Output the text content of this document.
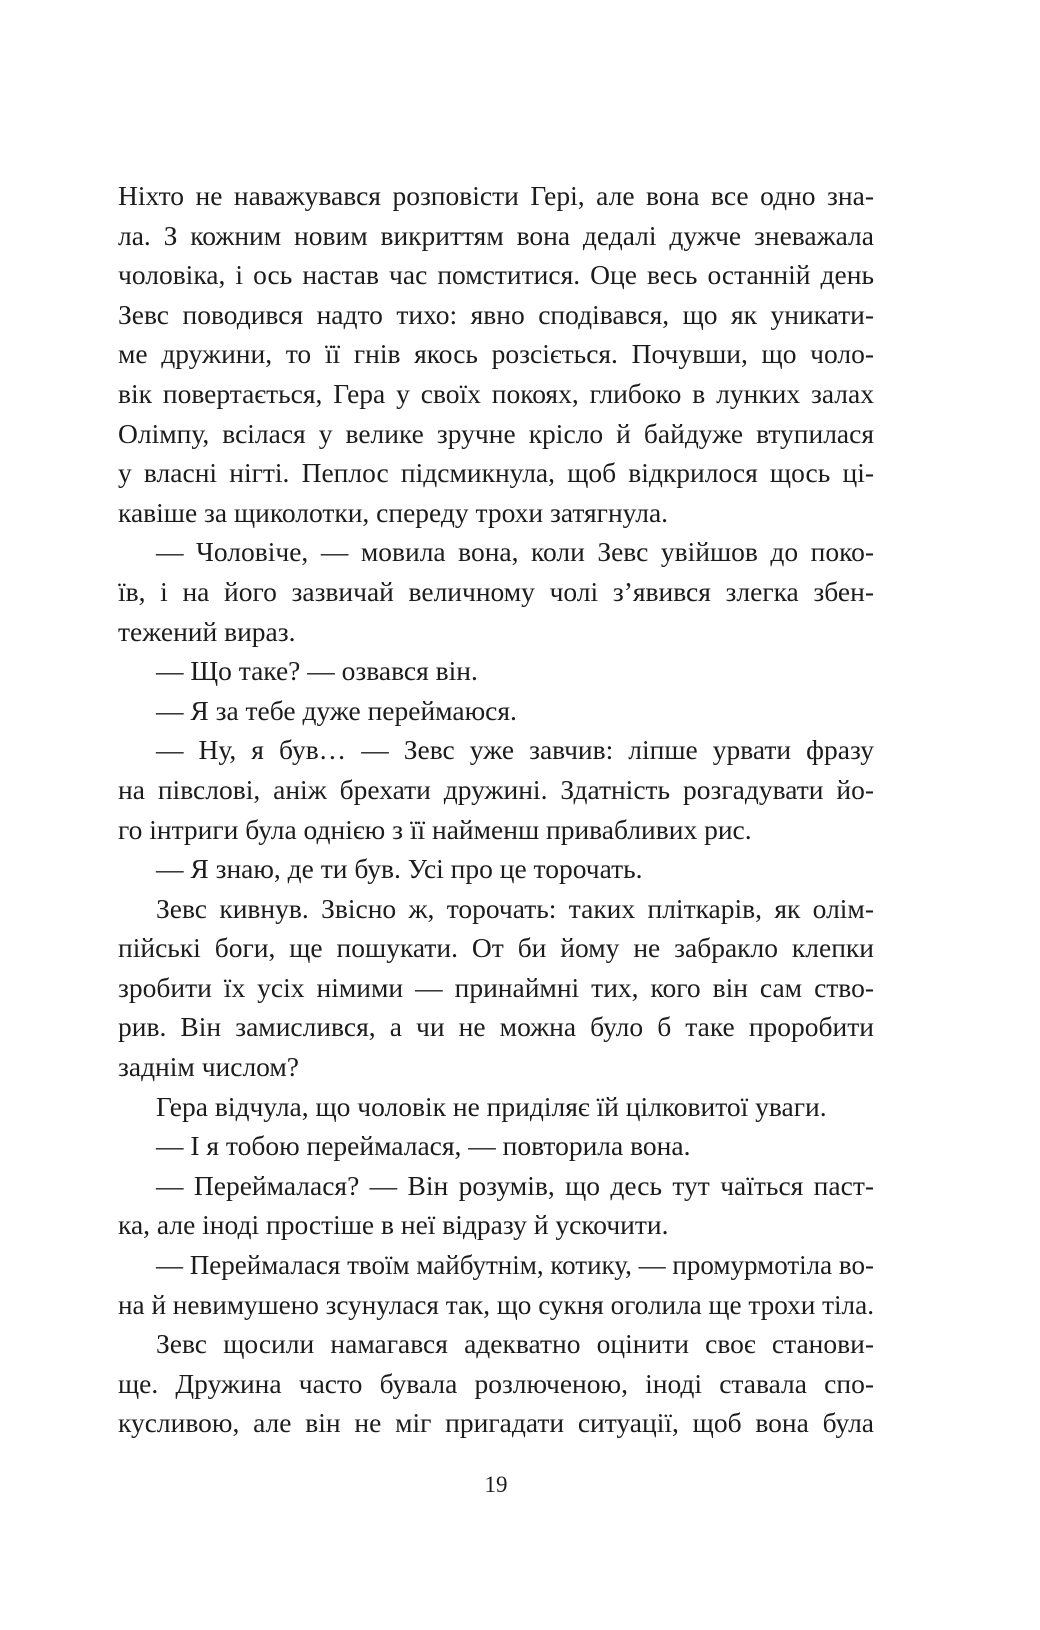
Ніхто не наважувався розповісти Гері, але вона все одно зна-
ла. З кожним новим викриттям вона дедалі дужче зневажала
чоловіка, і ось настав час помститися. Оце весь останній день
Зевс поводився надто тихо: явно сподівався, що як уникати-
ме дружини, то її гнів якось розсіється. Почувши, що чоло-
вік повертається, Гера у своїх покоях, глибоко в лунких залах
Олімпу, всілася у велике зручне крісло й байдуже втупилася
у власні нігті. Пеплос підсмикнула, щоб відкрилося щось ці-
кавіше за щиколотки, спереду трохи затягнула.
— Чоловіче, — мовила вона, коли Зевс увійшов до поко-
їв, і на його зазвичай величному чолі з’явився злегка збен-
тежений вираз.
— Що таке? — озвався він.
— Я за тебе дуже переймаюся.
— Ну, я був… — Зевс уже завчив: ліпше урвати фразу
на півслові, аніж брехати дружині. Здатність розгадувати йо-
го інтриги була однією з її найменш привабливих рис.
— Я знаю, де ти був. Усі про це торочать.
Зевс кивнув. Звісно ж, торочать: таких пліткарів, як олім-
пійські боги, ще пошукати. От би йому не забракло клепки
зробити їх усіх німими — принаймні тих, кого він сам ство-
рив. Він замислився, а чи не можна було б таке проробити
заднім числом?
Гера відчула, що чоловік не приділяє їй цілковитої уваги.
— І я тобою переймалася, — повторила вона.
— Переймалася? — Він розумів, що десь тут чаїться паст-
ка, але іноді простіше в неї відразу й ускочити.
— Переймалася твоїм майбутнім, котику, — промурмотіла во-
на й невимушено зсунулася так, що сукня оголила ще трохи тіла.
Зевс щосили намагався адекватно оцінити своє станови-
ще. Дружина часто бувала розлюченою, іноді ставала спо-
кусливою, але він не міг пригадати ситуації, щоб вона була
19
